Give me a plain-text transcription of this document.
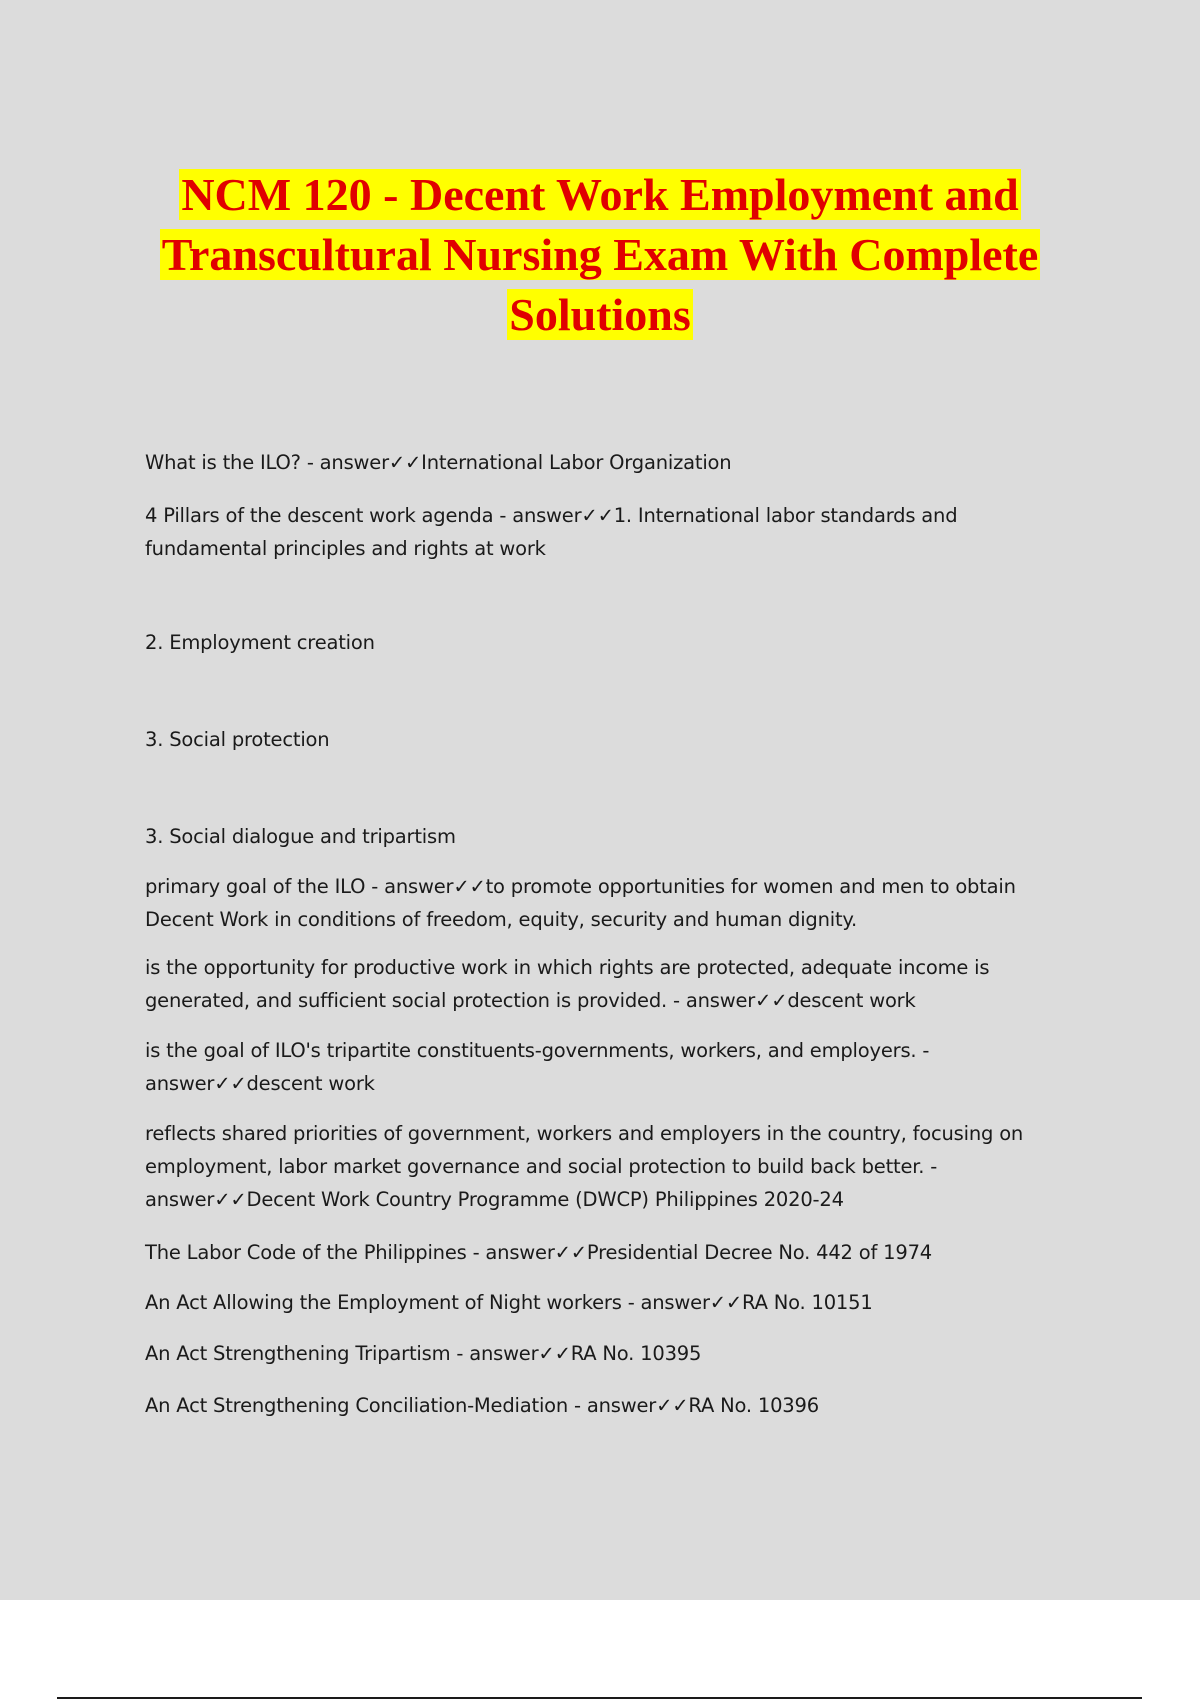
NCM 120 - Decent Work Employment and
Transcultural Nursing Exam With Complete
Solutions

What is the ILO? - answer✓✓International Labor Organization

4 Pillars of the descent work agenda - answer✓✓1. International labor standards and fundamental principles and rights at work

2. Employment creation

3. Social protection

3. Social dialogue and tripartism

primary goal of the ILO - answer✓✓to promote opportunities for women and men to obtain Decent Work in conditions of freedom, equity, security and human dignity.

is the opportunity for productive work in which rights are protected, adequate income is generated, and sufficient social protection is provided. - answer✓✓descent work

is the goal of ILO's tripartite constituents-governments, workers, and employers. - answer✓✓descent work

reflects shared priorities of government, workers and employers in the country, focusing on employment, labor market governance and social protection to build back better. - answer✓✓Decent Work Country Programme (DWCP) Philippines 2020-24

The Labor Code of the Philippines - answer✓✓Presidential Decree No. 442 of 1974

An Act Allowing the Employment of Night workers - answer✓✓RA No. 10151

An Act Strengthening Tripartism - answer✓✓RA No. 10395

An Act Strengthening Conciliation-Mediation - answer✓✓RA No. 10396
